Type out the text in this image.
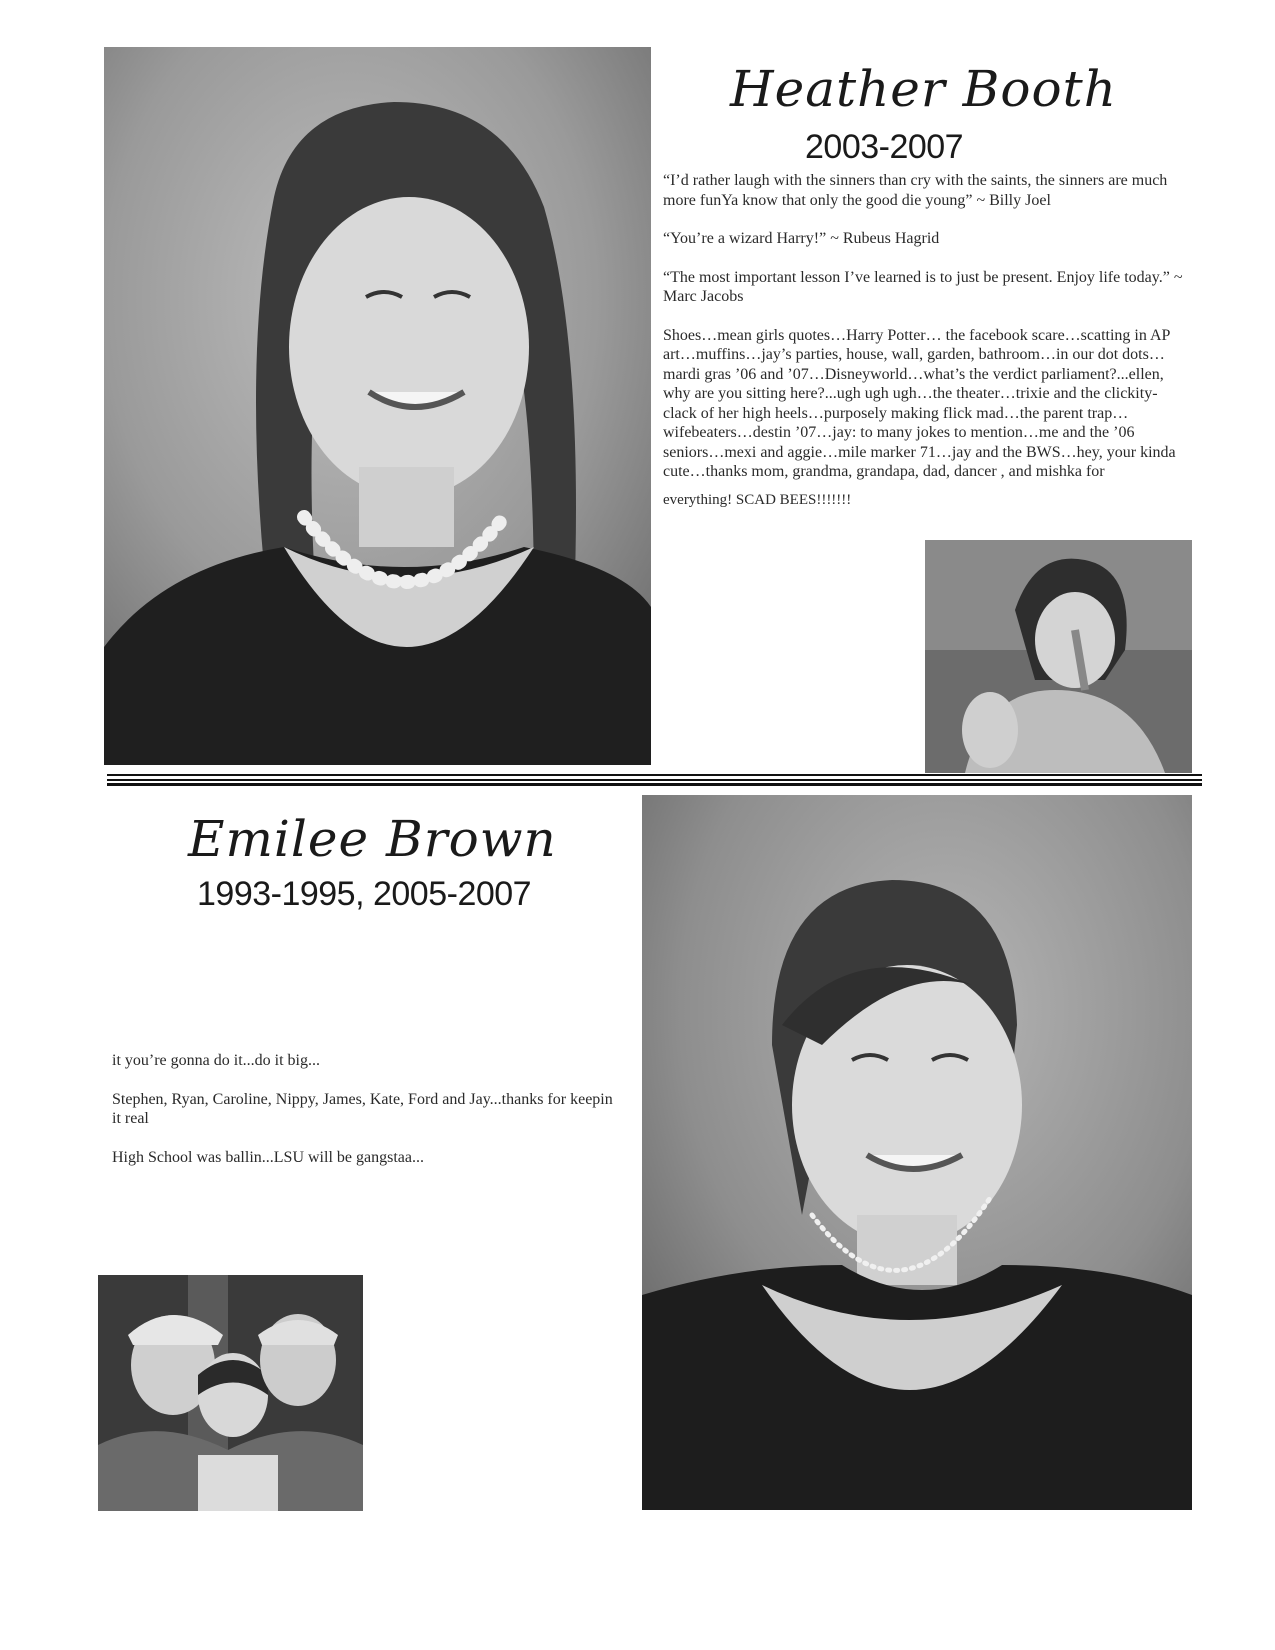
Heather Booth
2003-2007

“I’d rather laugh with the sinners than cry with the saints, the sinners are much more funYa know that only the good die young” ~ Billy Joel

“You’re a wizard Harry!” ~ Rubeus Hagrid

“The most important lesson I’ve learned is to just be present. Enjoy life today.” ~ Marc Jacobs

Shoes…mean girls quotes…Harry Potter… the facebook scare…scatting in AP art…muffins…jay’s parties, house, wall, garden, bathroom…in our dot dots…mardi gras ’06 and ’07…Disneyworld…what’s the verdict parliament?...ellen, why are you sitting here?...ugh ugh ugh…the theater…trixie and the clickity-clack of her high heels…purposely making flick mad…the parent trap…wifebeaters…destin ’07…jay: to many jokes to mention…me and the ’06 seniors…mexi and aggie…mile marker 71…jay and the BWS…hey, your kinda cute…thanks mom, grandma, grandapa, dad, dancer , and mishka for

everything! SCAD BEES!!!!!!!

Emilee Brown
1993-1995, 2005-2007

it you’re gonna do it...do it big...

Stephen, Ryan, Caroline, Nippy, James, Kate, Ford and Jay...thanks for keepin it real

High School was ballin...LSU will be gangstaa...
